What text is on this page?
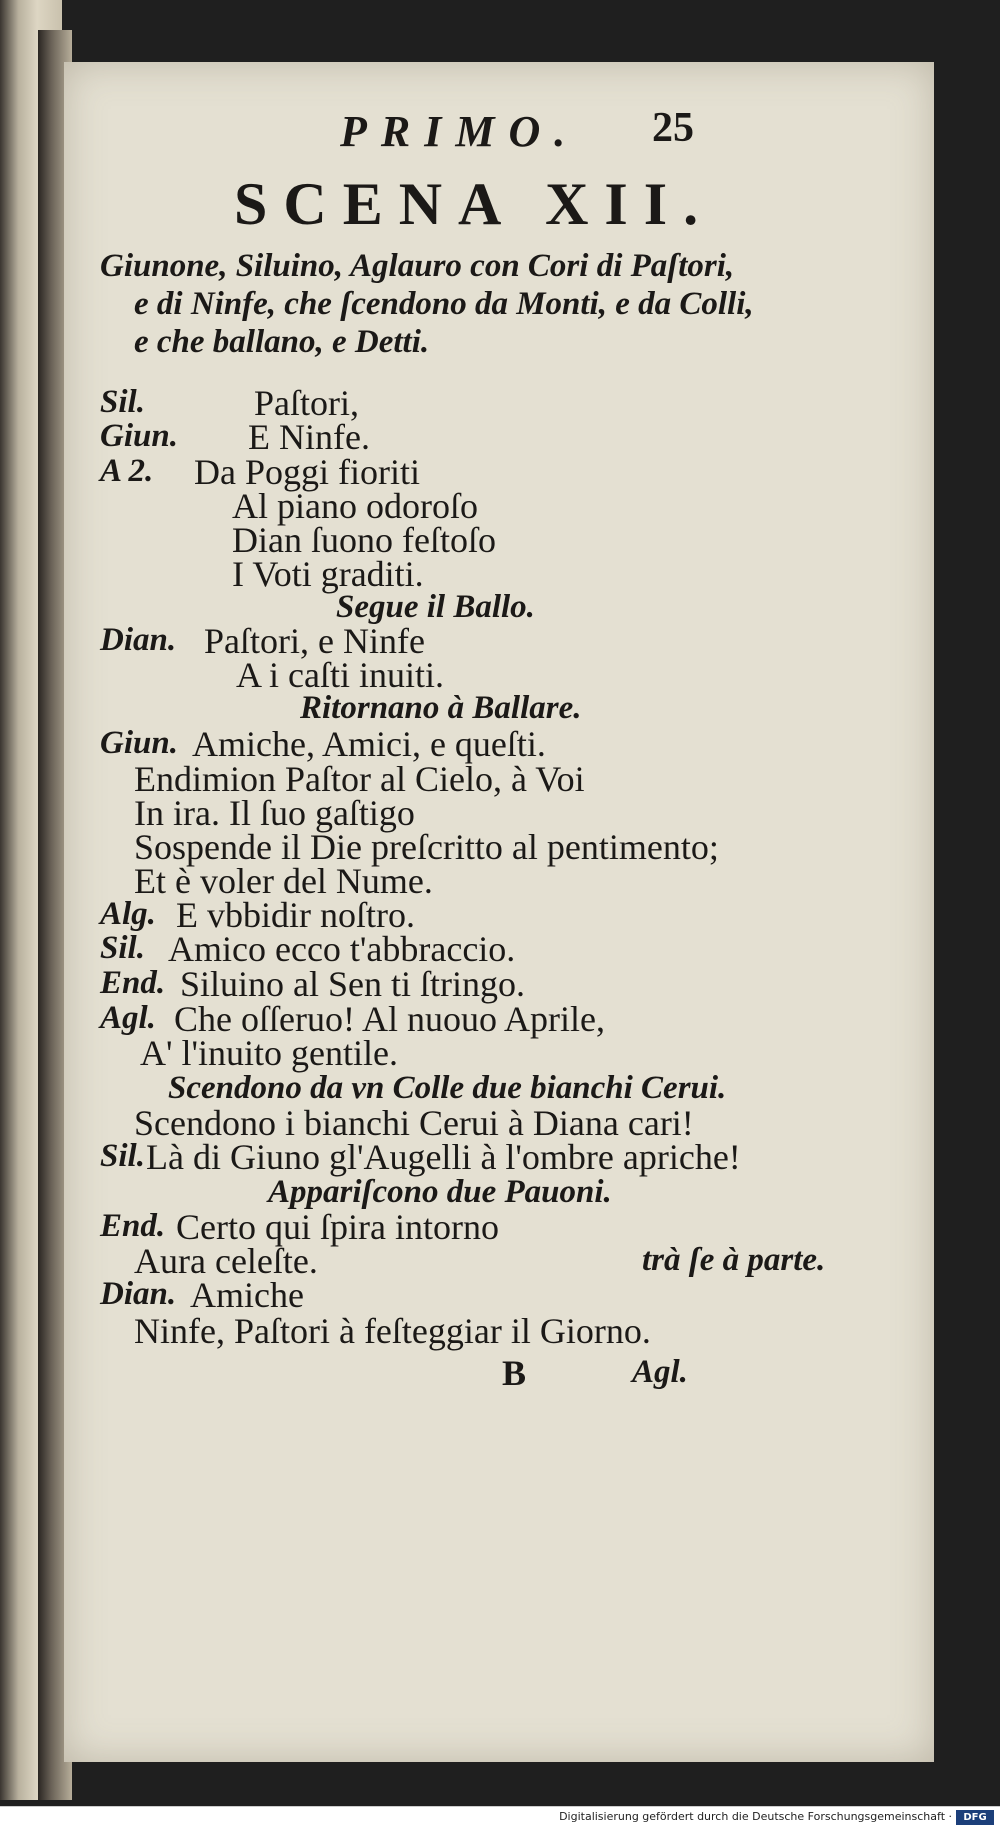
PRIMO. 25
SCENA XII.
Giunone, Siluino, Aglauro con Cori di Paſtori,
e di Ninfe, che ſcendono da Monti, e da Colli,
e che ballano, e Detti.
Sil.	Paſtori,
Giun. E Ninfe.
A 2. Da Poggi fioriti
Al piano odoroſo
Dian ſuono feſtoſo
I Voti graditi.
Segue il Ballo.
Dian. Paſtori, e Ninfe
A i caſti inuiti.
Ritornano à Ballare.
Giun. Amiche, Amici, e queſti.
Endimion Paſtor al Cielo, à Voi
In ira. Il ſuo gaſtigo
Sospende il Die preſcritto al pentimento;
Et è voler del Nume.
Alg. E vbbidir noſtro.
Sil. Amico ecco t'abbraccio.
End. Siluino al Sen ti ſtringo.
Agl. Che oſſeruo! Al nuouo Aprile,
A' l'inuito gentile.
Scendono da vn Colle due bianchi Cerui.
Scendono i bianchi Cerui à Diana cari!
Sil. Là di Giuno gl'Augelli à l'ombre apriche!
Appariſcono due Pauoni.
End. Certo qui ſpira intorno
Aura celeſte.	trà ſe à parte.
Dian. Amiche
Ninfe, Paſtori à feſteggiar il Giorno.
B	Agl.
Digitalisierung gefördert durch die Deutsche Forschungsgemeinschaft ·	DFG
